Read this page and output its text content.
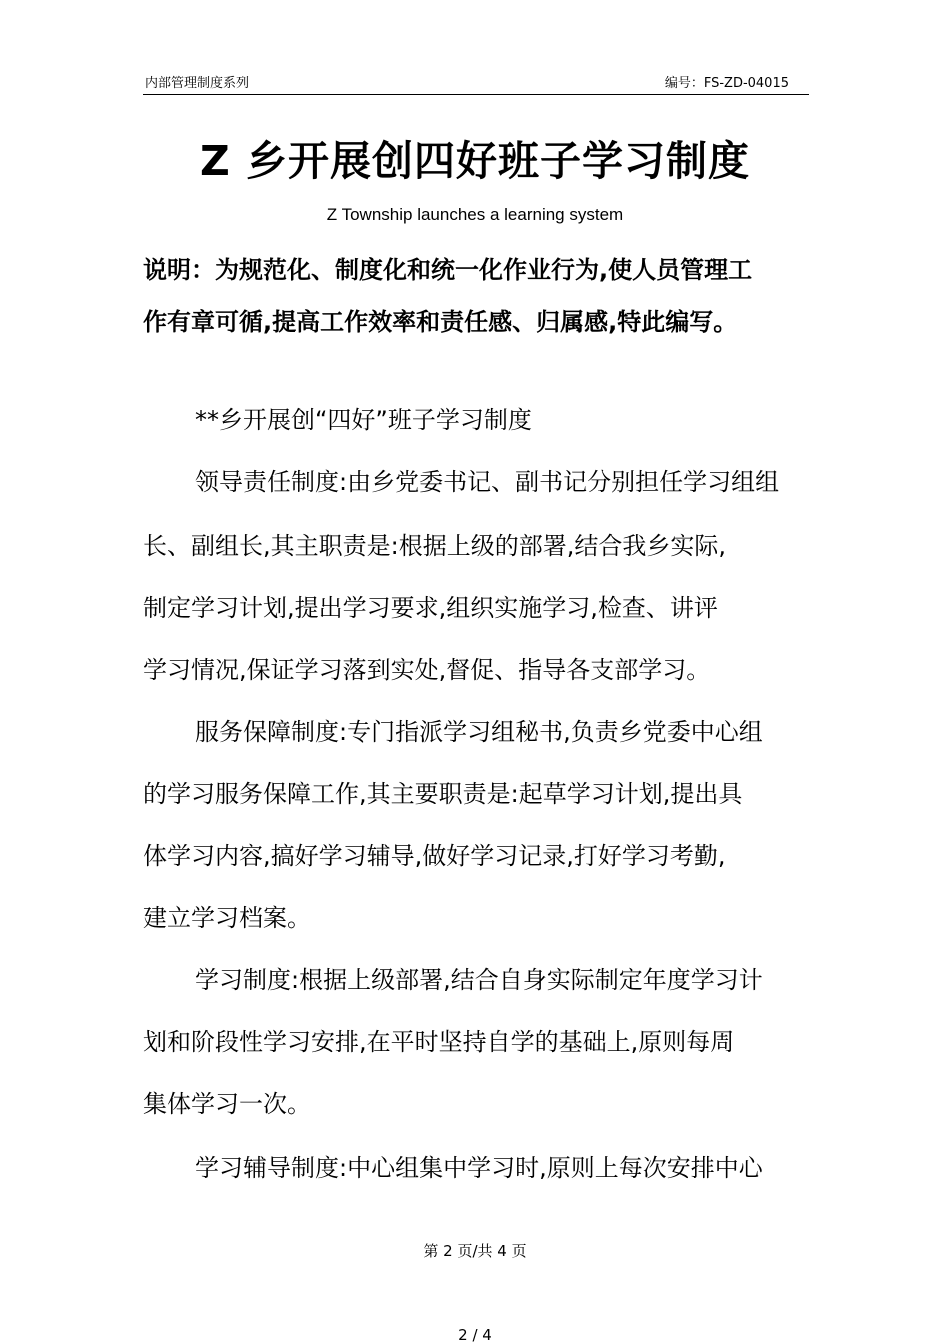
内部管理制度系列	编号：FS-ZD-04015
Z 乡开展创四好班子学习制度
Z Township launches a learning system
说明：为规范化、制度化和统一化作业行为,使人员管理工
作有章可循,提高工作效率和责任感、归属感,特此编写。
**乡开展创“四好”班子学习制度
领导责任制度:由乡党委书记、副书记分别担任学习组组
长、副组长,其主职责是:根据上级的部署,结合我乡实际,
制定学习计划,提出学习要求,组织实施学习,检查、讲评
学习情况,保证学习落到实处,督促、指导各支部学习。
服务保障制度:专门指派学习组秘书,负责乡党委中心组
的学习服务保障工作,其主要职责是:起草学习计划,提出具
体学习内容,搞好学习辅导,做好学习记录,打好学习考勤,
建立学习档案。
学习制度:根据上级部署,结合自身实际制定年度学习计
划和阶段性学习安排,在平时坚持自学的基础上,原则每周
集体学习一次。
学习辅导制度:中心组集中学习时,原则上每次安排中心
第 2 页/共 4 页
2 / 4
